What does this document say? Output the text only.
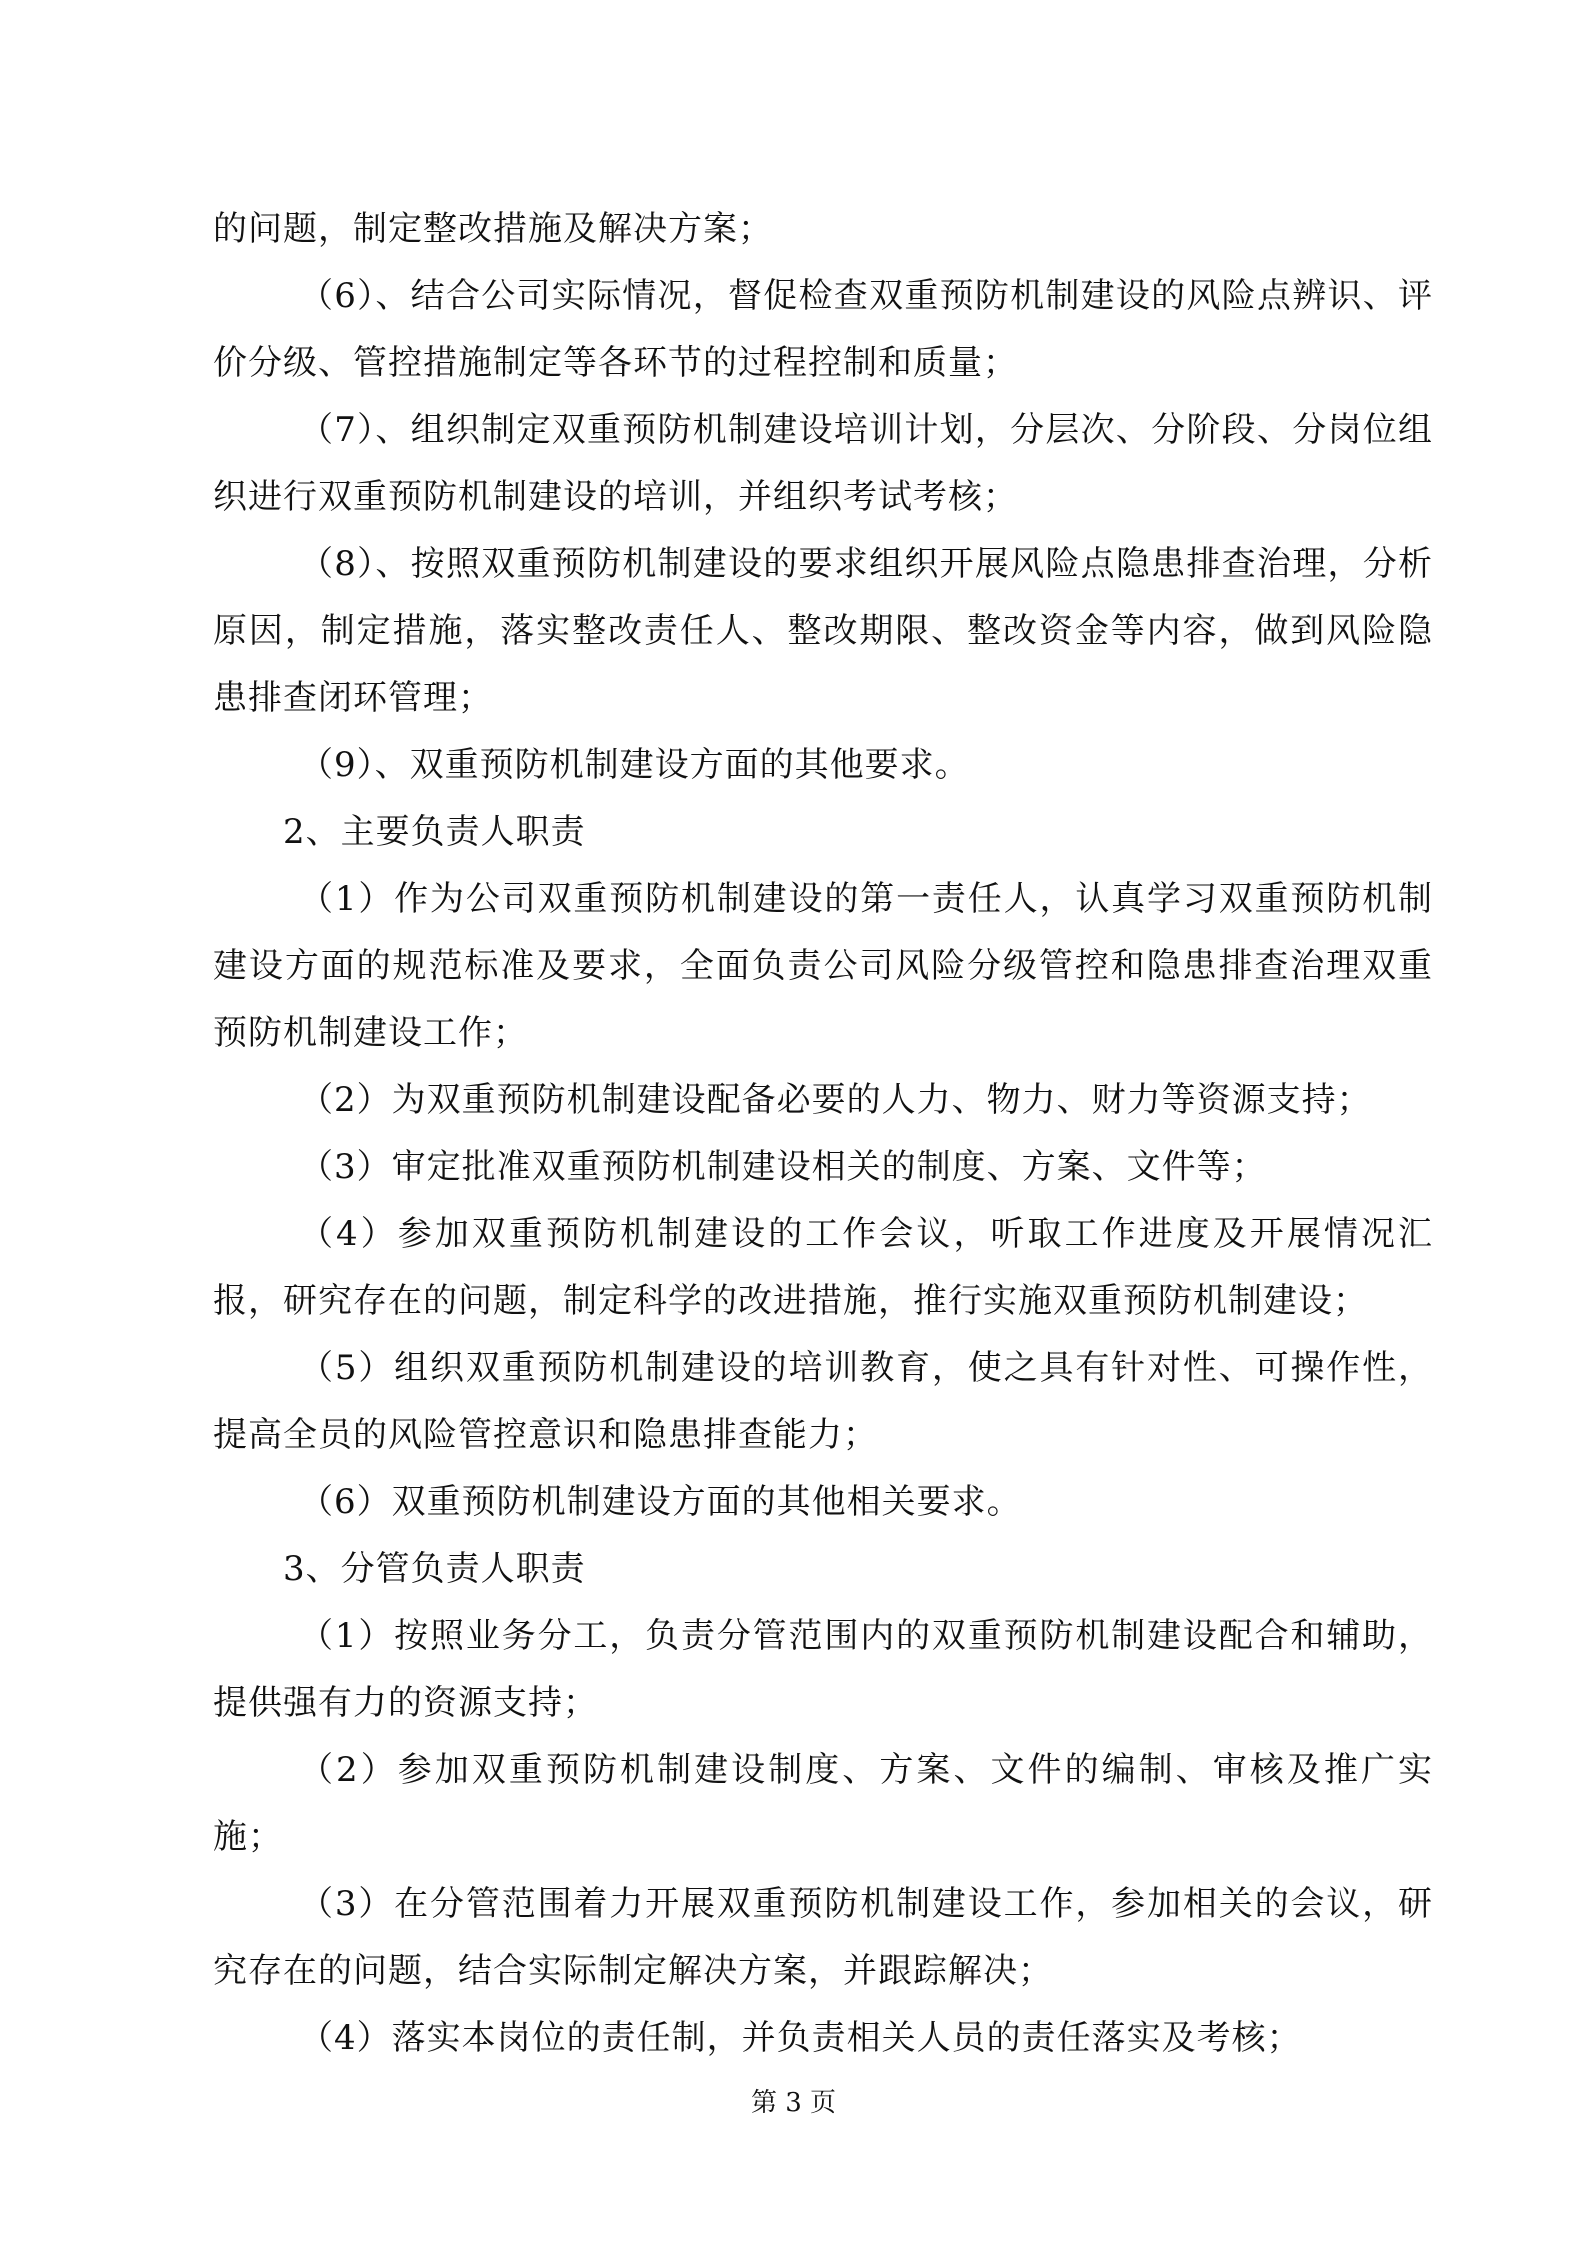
的问题，制定整改措施及解决方案；

（6）、结合公司实际情况，督促检查双重预防机制建设的风险点辨识、评价分级、管控措施制定等各环节的过程控制和质量；

（7）、组织制定双重预防机制建设培训计划，分层次、分阶段、分岗位组织进行双重预防机制建设的培训，并组织考试考核；

（8）、按照双重预防机制建设的要求组织开展风险点隐患排查治理，分析原因，制定措施，落实整改责任人、整改期限、整改资金等内容，做到风险隐患排查闭环管理；

（9）、双重预防机制建设方面的其他要求。

2、主要负责人职责

（1）作为公司双重预防机制建设的第一责任人，认真学习双重预防机制建设方面的规范标准及要求，全面负责公司风险分级管控和隐患排查治理双重预防机制建设工作；

（2）为双重预防机制建设配备必要的人力、物力、财力等资源支持；

（3）审定批准双重预防机制建设相关的制度、方案、文件等；

（4）参加双重预防机制建设的工作会议，听取工作进度及开展情况汇报，研究存在的问题，制定科学的改进措施，推行实施双重预防机制建设；

（5）组织双重预防机制建设的培训教育，使之具有针对性、可操作性，提高全员的风险管控意识和隐患排查能力；

（6）双重预防机制建设方面的其他相关要求。

3、分管负责人职责

（1）按照业务分工，负责分管范围内的双重预防机制建设配合和辅助，提供强有力的资源支持；

（2）参加双重预防机制建设制度、方案、文件的编制、审核及推广实施；

（3）在分管范围着力开展双重预防机制建设工作，参加相关的会议，研究存在的问题，结合实际制定解决方案，并跟踪解决；

（4）落实本岗位的责任制，并负责相关人员的责任落实及考核；

第 3 页
